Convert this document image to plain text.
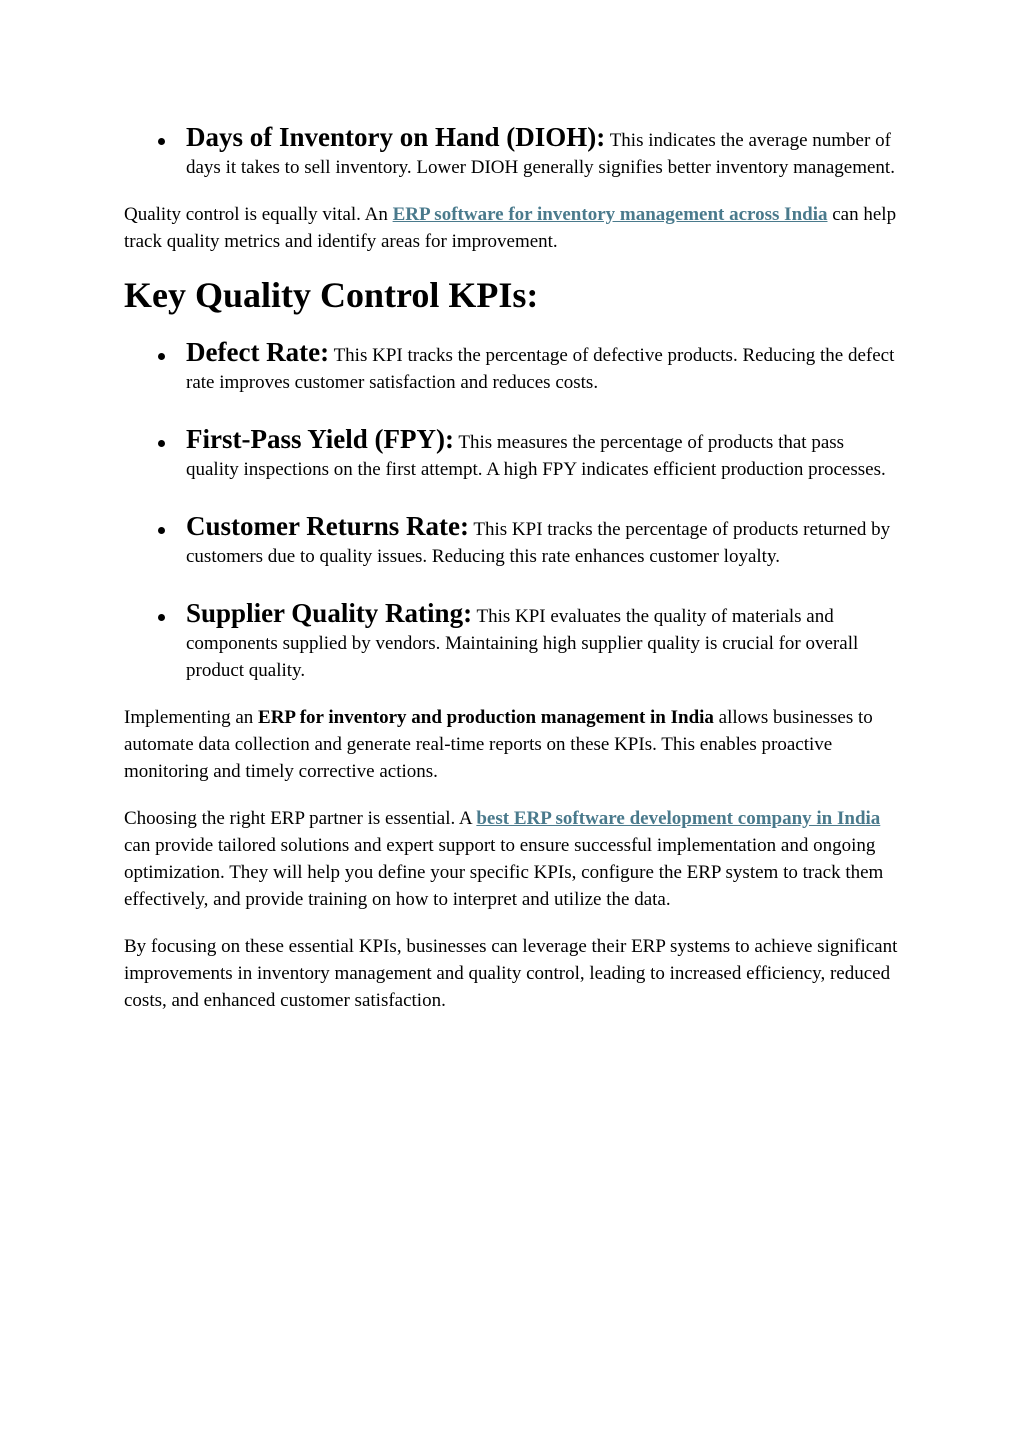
Days of Inventory on Hand (DIOH): This indicates the average number of days it takes to sell inventory. Lower DIOH generally signifies better inventory management.

Quality control is equally vital. An ERP software for inventory management across India can help track quality metrics and identify areas for improvement.

Key Quality Control KPIs:
Defect Rate: This KPI tracks the percentage of defective products. Reducing the defect rate improves customer satisfaction and reduces costs.
First-Pass Yield (FPY): This measures the percentage of products that pass quality inspections on the first attempt. A high FPY indicates efficient production processes.
Customer Returns Rate: This KPI tracks the percentage of products returned by customers due to quality issues. Reducing this rate enhances customer loyalty.
Supplier Quality Rating: This KPI evaluates the quality of materials and components supplied by vendors. Maintaining high supplier quality is crucial for overall product quality.

Implementing an ERP for inventory and production management in India allows businesses to automate data collection and generate real-time reports on these KPIs. This enables proactive monitoring and timely corrective actions.

Choosing the right ERP partner is essential. A best ERP software development company in India can provide tailored solutions and expert support to ensure successful implementation and ongoing optimization. They will help you define your specific KPIs, configure the ERP system to track them effectively, and provide training on how to interpret and utilize the data.

By focusing on these essential KPIs, businesses can leverage their ERP systems to achieve significant improvements in inventory management and quality control, leading to increased efficiency, reduced costs, and enhanced customer satisfaction.
